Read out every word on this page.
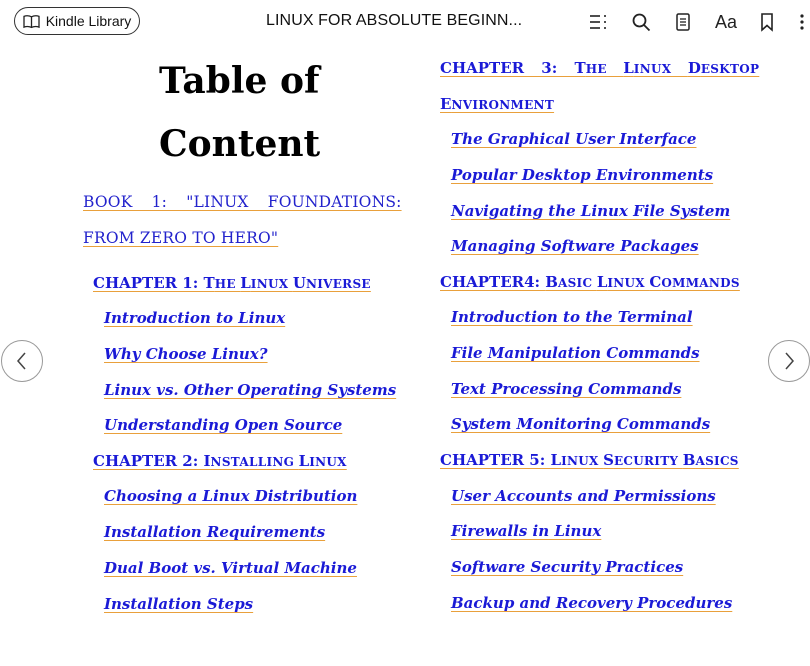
Kindle Library	LINUX FOR ABSOLUTE BEGINN...	Aa
Table of
Content
BOOK 1: "LINUX FOUNDATIONS:
FROM ZERO TO HERO"
CHAPTER 1: THE LINUX UNIVERSE
Introduction to Linux
Why Choose Linux?
Linux vs. Other Operating Systems
Understanding Open Source
CHAPTER 2: INSTALLING LINUX
Choosing a Linux Distribution
Installation Requirements
Dual Boot vs. Virtual Machine
Installation Steps
CHAPTER 3: THE LINUX DESKTOP
ENVIRONMENT
The Graphical User Interface
Popular Desktop Environments
Navigating the Linux File System
Managing Software Packages
CHAPTER4: BASIC LINUX COMMANDS
Introduction to the Terminal
File Manipulation Commands
Text Processing Commands
System Monitoring Commands
CHAPTER 5: LINUX SECURITY BASICS
User Accounts and Permissions
Firewalls in Linux
Software Security Practices
Backup and Recovery Procedures
